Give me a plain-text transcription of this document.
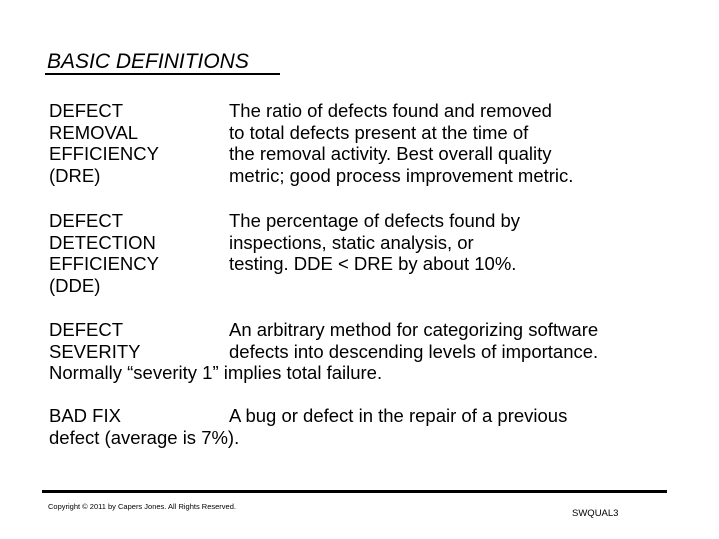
BASIC DEFINITIONS
DEFECT
REMOVAL
EFFICIENCY
(DRE)
The ratio of defects found and removed
to total defects present at the time of
the removal activity. Best overall quality
metric; good process improvement metric.
DEFECT
DETECTION
EFFICIENCY
(DDE)
The percentage of defects found by
inspections, static analysis, or
testing. DDE < DRE by about 10%.
DEFECT
SEVERITY
An arbitrary method for categorizing software
defects into descending levels of importance.
Normally “severity 1” implies total failure.
BAD FIX	A bug or defect in the repair of a previous
defect (average is 7%).
Copyright © 2011 by Capers Jones. All Rights Reserved.
SWQUAL3
